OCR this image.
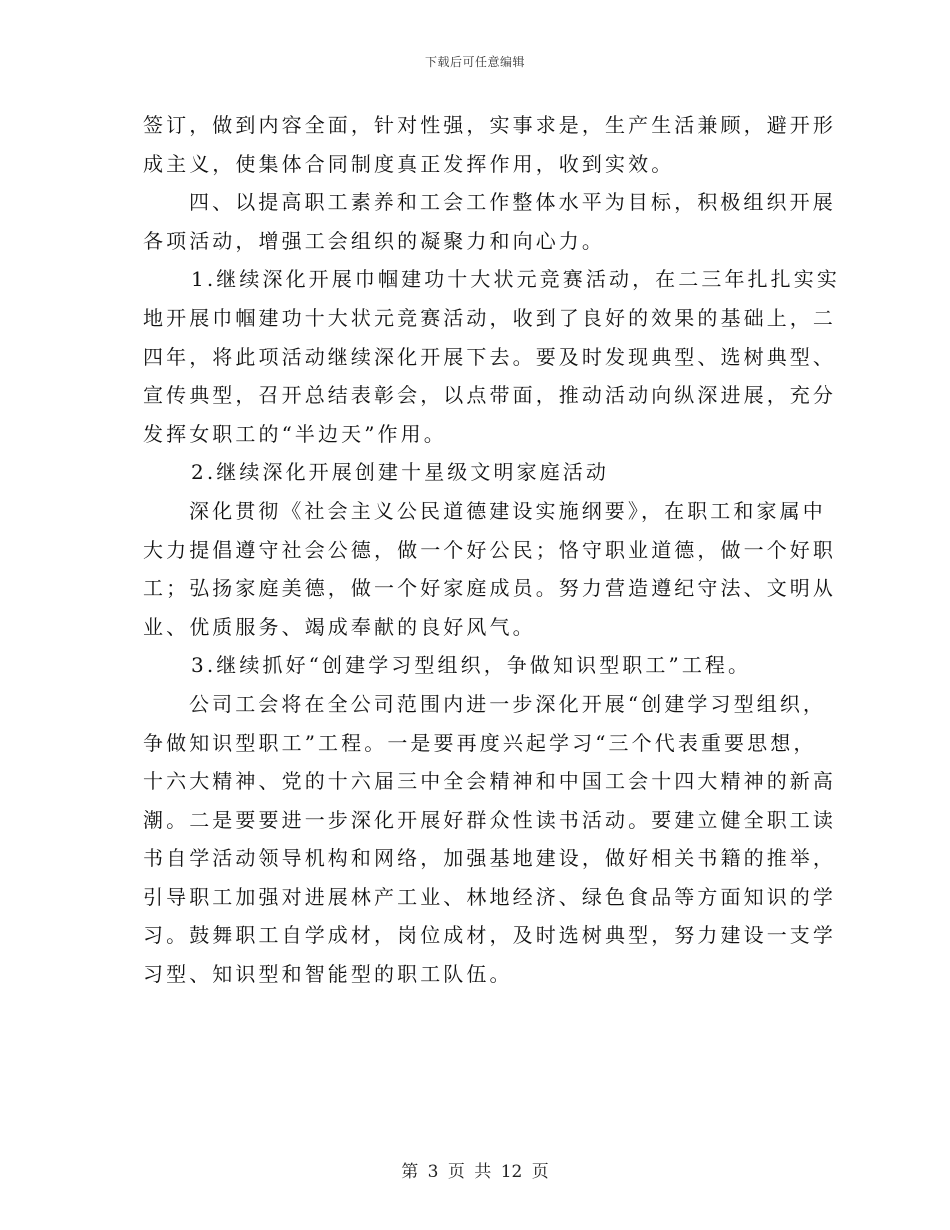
下载后可任意编辑
签订，做到内容全面，针对性强，实事求是，生产生活兼顾，避开形
成主义，使集体合同制度真正发挥作用，收到实效。
四、以提高职工素养和工会工作整体水平为目标，积极组织开展
各项活动，增强工会组织的凝聚力和向心力。
1.继续深化开展巾帼建功十大状元竞赛活动，在二三年扎扎实实
地开展巾帼建功十大状元竞赛活动，收到了良好的效果的基础上，二
四年，将此项活动继续深化开展下去。要及时发现典型、选树典型、
宣传典型，召开总结表彰会，以点带面，推动活动向纵深进展，充分
发挥女职工的“半边天”作用。
2.继续深化开展创建十星级文明家庭活动
深化贯彻《社会主义公民道德建设实施纲要》，在职工和家属中
大力提倡遵守社会公德，做一个好公民；恪守职业道德，做一个好职
工；弘扬家庭美德，做一个好家庭成员。努力营造遵纪守法、文明从
业、优质服务、竭成奉献的良好风气。
3.继续抓好“创建学习型组织，争做知识型职工”工程。
公司工会将在全公司范围内进一步深化开展“创建学习型组织，
争做知识型职工”工程。一是要再度兴起学习“三个代表重要思想，
十六大精神、党的十六届三中全会精神和中国工会十四大精神的新高
潮。二是要要进一步深化开展好群众性读书活动。要建立健全职工读
书自学活动领导机构和网络，加强基地建设，做好相关书籍的推举，
引导职工加强对进展林产工业、林地经济、绿色食品等方面知识的学
习。鼓舞职工自学成材，岗位成材，及时选树典型，努力建设一支学
习型、知识型和智能型的职工队伍。
第 3 页 共 12 页
